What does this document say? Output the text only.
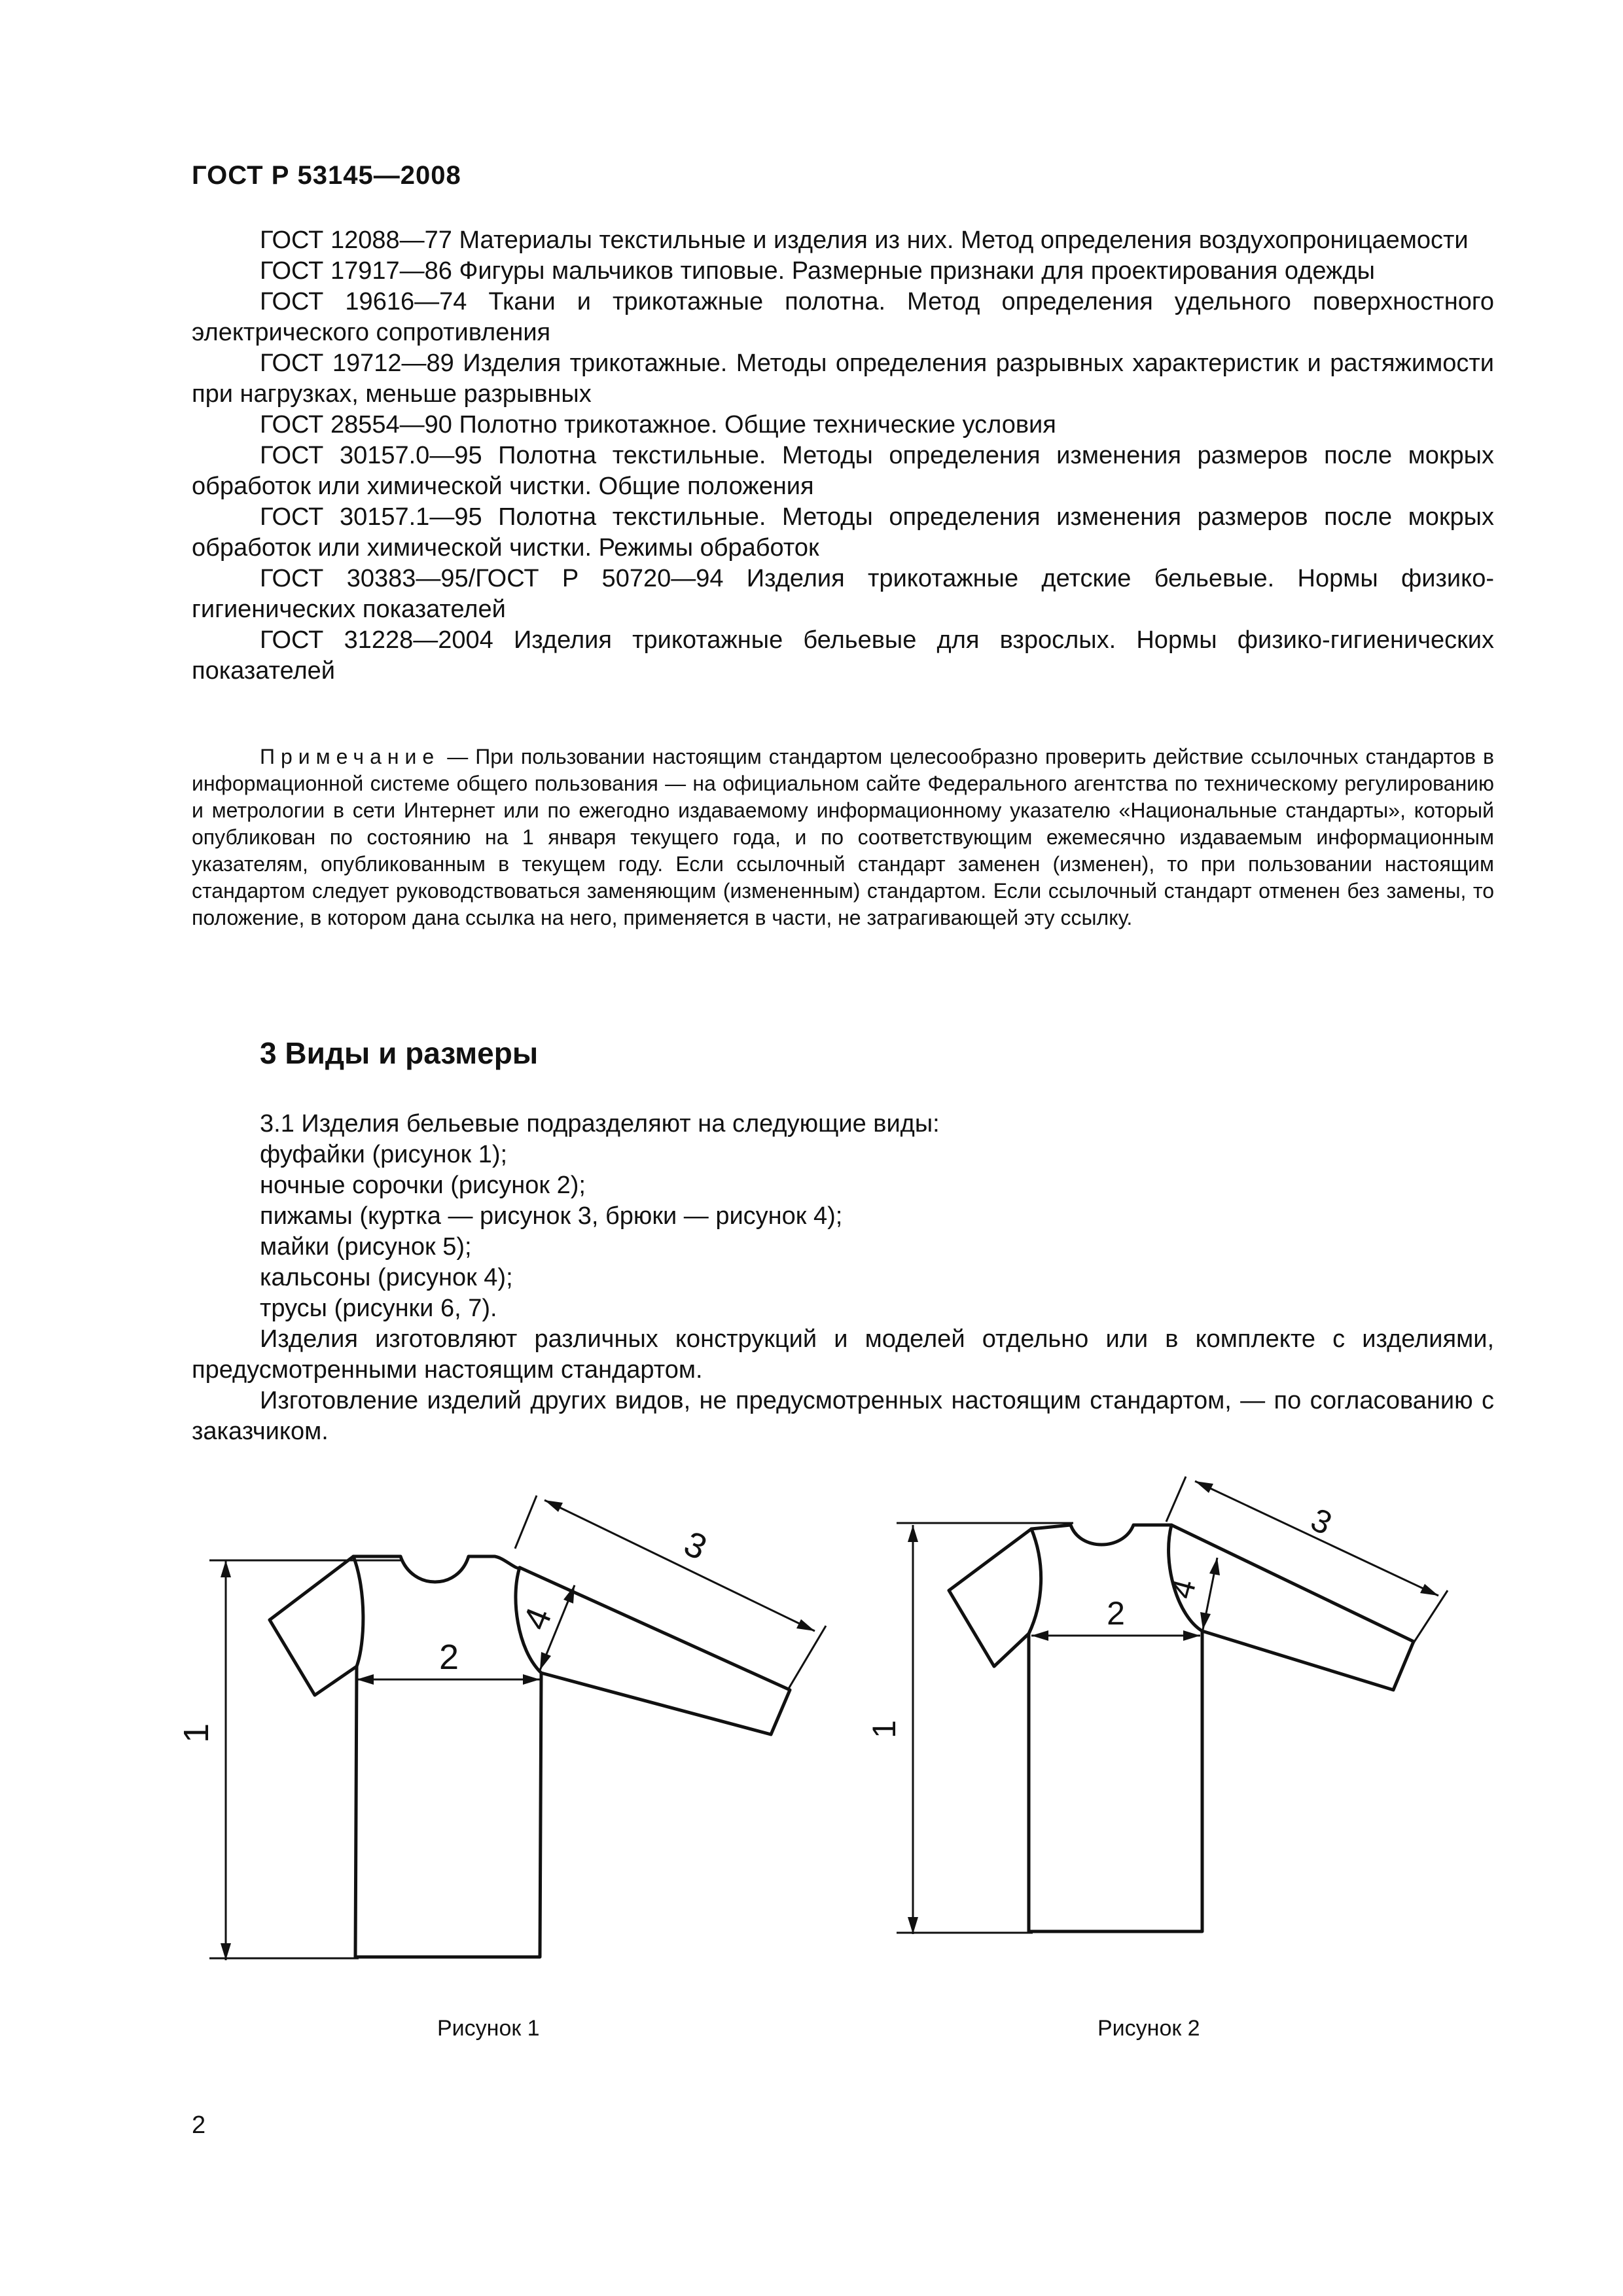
ГОСТ Р 53145—2008

ГОСТ 12088—77 Материалы текстильные и изделия из них. Метод определения воздухопроницаемости

ГОСТ 17917—86 Фигуры мальчиков типовые. Размерные признаки для проектирования одежды

ГОСТ 19616—74 Ткани и трикотажные полотна. Метод определения удельного поверхностного электрического сопротивления

ГОСТ 19712—89 Изделия трикотажные. Методы определения разрывных характеристик и растяжимости при нагрузках, меньше разрывных

ГОСТ 28554—90 Полотно трикотажное. Общие технические условия

ГОСТ 30157.0—95 Полотна текстильные. Методы определения изменения размеров после мокрых обработок или химической чистки. Общие положения

ГОСТ 30157.1—95 Полотна текстильные. Методы определения изменения размеров после мокрых обработок или химической чистки. Режимы обработок

ГОСТ 30383—95/ГОСТ Р 50720—94 Изделия трикотажные детские бельевые. Нормы физико-гигиенических показателей

ГОСТ 31228—2004 Изделия трикотажные бельевые для взрослых. Нормы физико-гигиенических показателей

Примечание — При пользовании настоящим стандартом целесообразно проверить действие ссылочных стандартов в информационной системе общего пользования — на официальном сайте Федерального агентства по техническому регулированию и метрологии в сети Интернет или по ежегодно издаваемому информационному указателю «Национальные стандарты», который опубликован по состоянию на 1 января текущего года, и по соответствующим ежемесячно издаваемым информационным указателям, опубликованным в текущем году. Если ссылочный стандарт заменен (изменен), то при пользовании настоящим стандартом следует руководствоваться заменяющим (измененным) стандартом. Если ссылочный стандарт отменен без замены, то положение, в котором дана ссылка на него, применяется в части, не затрагивающей эту ссылку.

3 Виды и размеры

3.1 Изделия бельевые подразделяют на следующие виды:

фуфайки (рисунок 1);

ночные сорочки (рисунок 2);

пижамы (куртка — рисунок 3, брюки — рисунок 4);

майки (рисунок 5);

кальсоны (рисунок 4);

трусы (рисунки 6, 7).

Изделия изготовляют различных конструкций и моделей отдельно или в комплекте с изделиями, предусмотренными настоящим стандартом.

Изготовление изделий других видов, не предусмотренных настоящим стандартом, — по согласованию с заказчиком.

1
2
3
4
Рисунок 1
1
2
3
4
Рисунок 2
2
